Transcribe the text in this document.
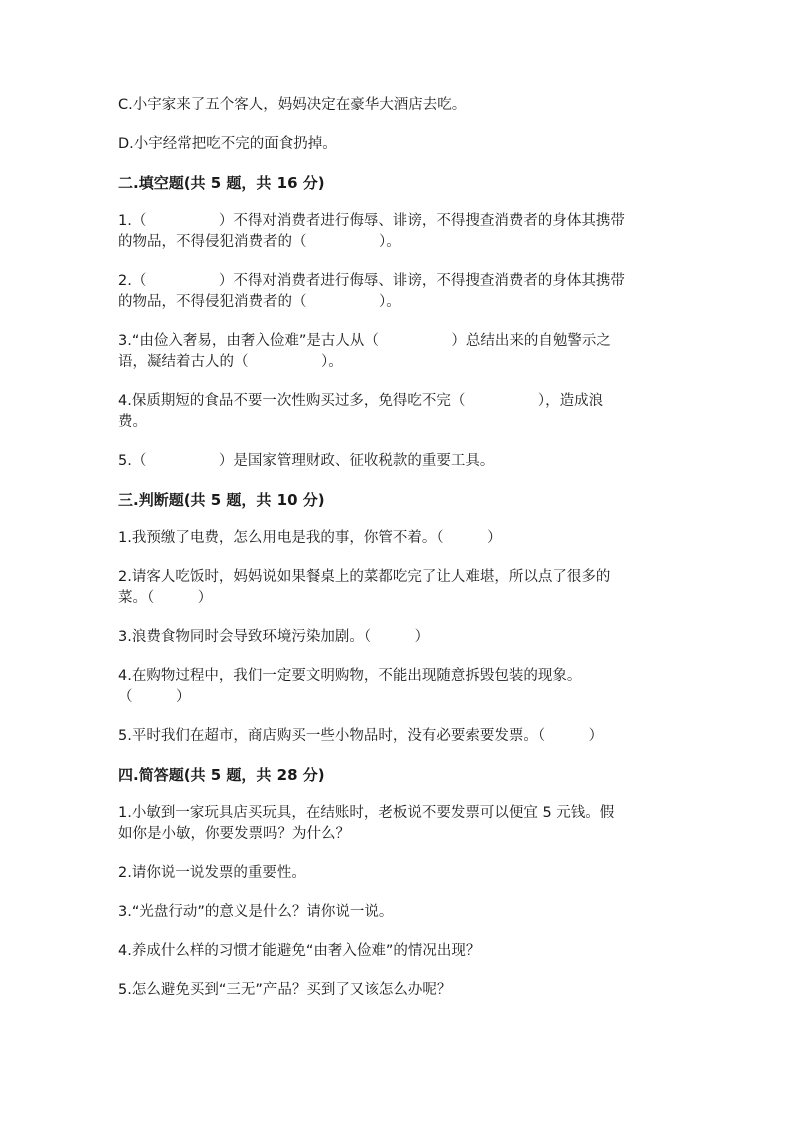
C.小宇家来了五个客人，妈妈决定在豪华大酒店去吃。
D.小宇经常把吃不完的面食扔掉。
二.填空题(共 5 题，共 16 分)
1.（　　　　　）不得对消费者进行侮辱、诽谤，不得搜查消费者的身体其携带
的物品，不得侵犯消费者的（　　　　　）。
2.（　　　　　）不得对消费者进行侮辱、诽谤，不得搜查消费者的身体其携带
的物品，不得侵犯消费者的（　　　　　）。
3.“由俭入奢易，由奢入俭难”是古人从（　　　　　）总结出来的自勉警示之
语，凝结着古人的（　　　　　）。
4.保质期短的食品不要一次性购买过多，免得吃不完（　　　　　），造成浪
费。
5.（　　　　　）是国家管理财政、征收税款的重要工具。
三.判断题(共 5 题，共 10 分)
1.我预缴了电费，怎么用电是我的事，你管不着。（　　　）
2.请客人吃饭时，妈妈说如果餐桌上的菜都吃完了让人难堪，所以点了很多的
菜。（　　　）
3.浪费食物同时会导致环境污染加剧。（　　　）
4.在购物过程中，我们一定要文明购物，不能出现随意拆毁包装的现象。
（　　　）
5.平时我们在超市，商店购买一些小物品时，没有必要索要发票。（　　　）
四.简答题(共 5 题，共 28 分)
1.小敏到一家玩具店买玩具，在结账时，老板说不要发票可以便宜 5 元钱。假
如你是小敏，你要发票吗？为什么？
2.请你说一说发票的重要性。
3.“光盘行动”的意义是什么？请你说一说。
4.养成什么样的习惯才能避免“由奢入俭难”的情况出现？
5.怎么避免买到“三无”产品？买到了又该怎么办呢？
